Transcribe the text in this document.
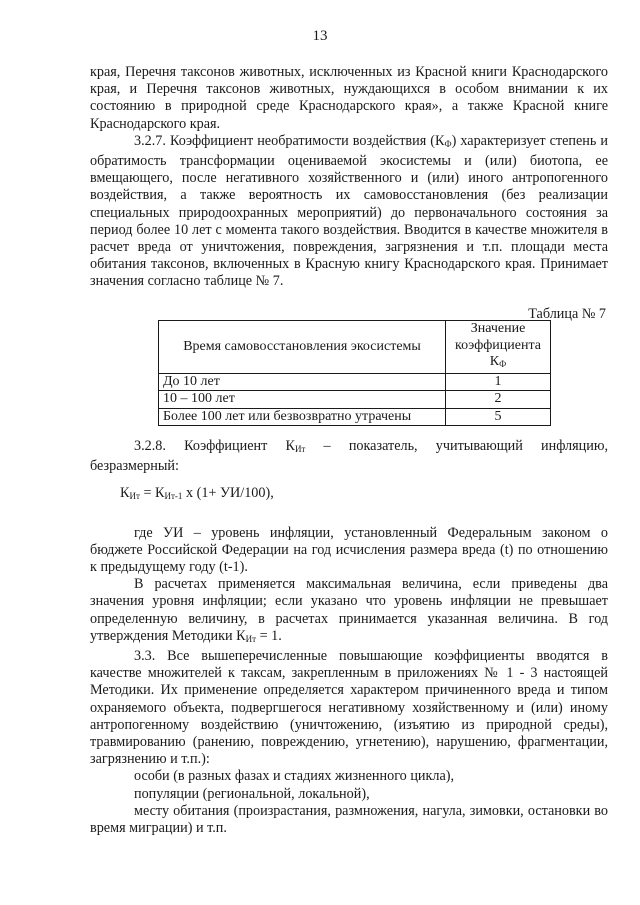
13

края, Перечня таксонов животных, исключенных из Красной книги Краснодарского края, и Перечня таксонов животных, нуждающихся в особом внимании к их состоянию в природной среде Краснодарского края», а также Красной книге Краснодарского края.

3.2.7. Коэффициент необратимости воздействия $(К_Ф)$ характеризует степень и обратимость трансформации оцениваемой экосистемы и (или) биотопа, ее вмещающего, после негативного хозяйственного и (или) иного антропогенного воздействия, а также вероятность их самовосстановления (без реализации специальных природоохранных мероприятий) до первоначального состояния за период более 10 лет с момента такого воздействия. Вводится в качестве множителя в расчет вреда от уничтожения, повреждения, загрязнения и т.п. площади места обитания таксонов, включенных в Красную книгу Краснодарского края. Принимает значения согласно таблице № 7.

Таблица № 7
Время самовосстановления экосистемы	Значение
коэффициента
$К_Ф$
До 10 лет	1
10 – 100 лет	2
Более 100 лет или безвозвратно утрачены	5

3.2.8. Коэффициент $К_{Ит}$ – показатель, учитывающий инфляцию, безразмерный:

$К_{Ит} = К_{Ит-1}$ х (1+ УИ/100),

где УИ – уровень инфляции, установленный Федеральным законом о бюджете Российской Федерации на год исчисления размера вреда (t) по отношению к предыдущему году (t-1).

В расчетах применяется максимальная величина, если приведены два значения уровня инфляции; если указано что уровень инфляции не превышает определенную величину, в расчетах принимается указанная величина. В год утверждения Методики $К_{Ит} = 1$.

3.3. Все вышеперечисленные повышающие коэффициенты вводятся в качестве множителей к таксам, закрепленным в приложениях № 1 - 3 настоящей Методики. Их применение определяется характером причиненного вреда и типом охраняемого объекта, подвергшегося негативному хозяйственному и (или) иному антропогенному воздействию (уничтожению, (изъятию из природной среды), травмированию (ранению, повреждению, угнетению), нарушению, фрагментации, загрязнению и т.п.):

особи (в разных фазах и стадиях жизненного цикла),

популяции (региональной, локальной),

месту обитания (произрастания, размножения, нагула, зимовки, остановки во время миграции) и т.п.
